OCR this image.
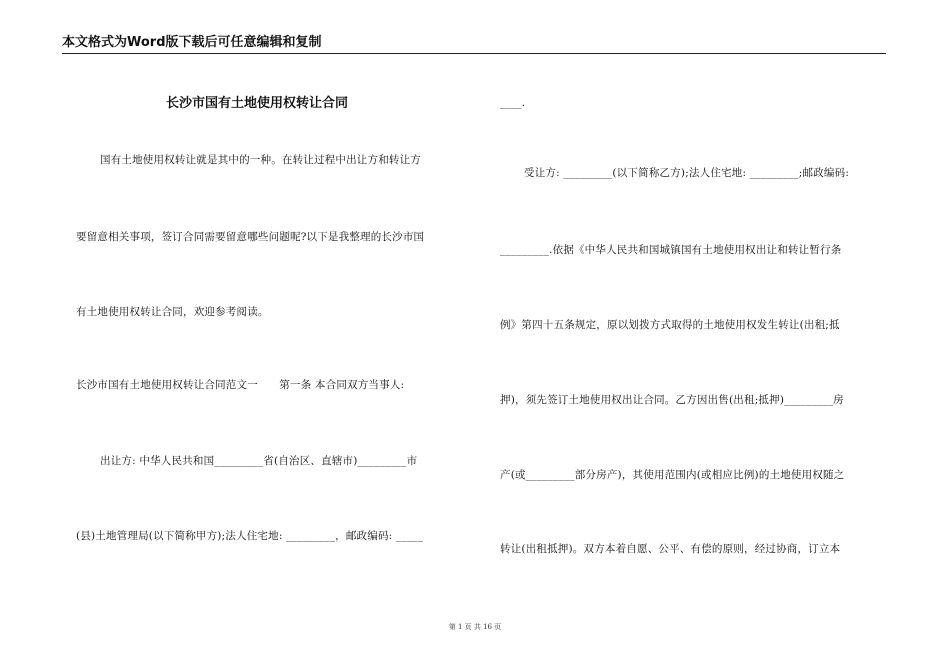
本文格式为Word版下载后可任意编辑和复制
长沙市国有土地使用权转让合同
国有土地使用权转让就是其中的一种。在转让过程中出让方和转让方
要留意相关事项，签订合同需要留意哪些问题呢?以下是我整理的长沙市国
有土地使用权转让合同，欢迎参考阅读。
长沙市国有土地使用权转让合同范文一　　第一条 本合同双方当事人:
出让方: 中华人民共和国_________省(自治区、直辖市)_________市
(县)土地管理局(以下简称甲方);法人住宅地: _________，邮政编码: _____
____.
受让方: _________(以下简称乙方);法人住宅地: _________;邮政编码:
_________.依据《中华人民共和国城镇国有土地使用权出让和转让暂行条
例》第四十五条规定，原以划拨方式取得的土地使用权发生转让(出租;抵
押)，须先签订土地使用权出让合同。乙方因出售(出租;抵押)_________房
产(或_________部分房产)，其使用范围内(或相应比例)的土地使用权随之
转让(出租抵押)。双方本着自愿、公平、有偿的原则，经过协商，订立本
第 1 页 共 16 页
